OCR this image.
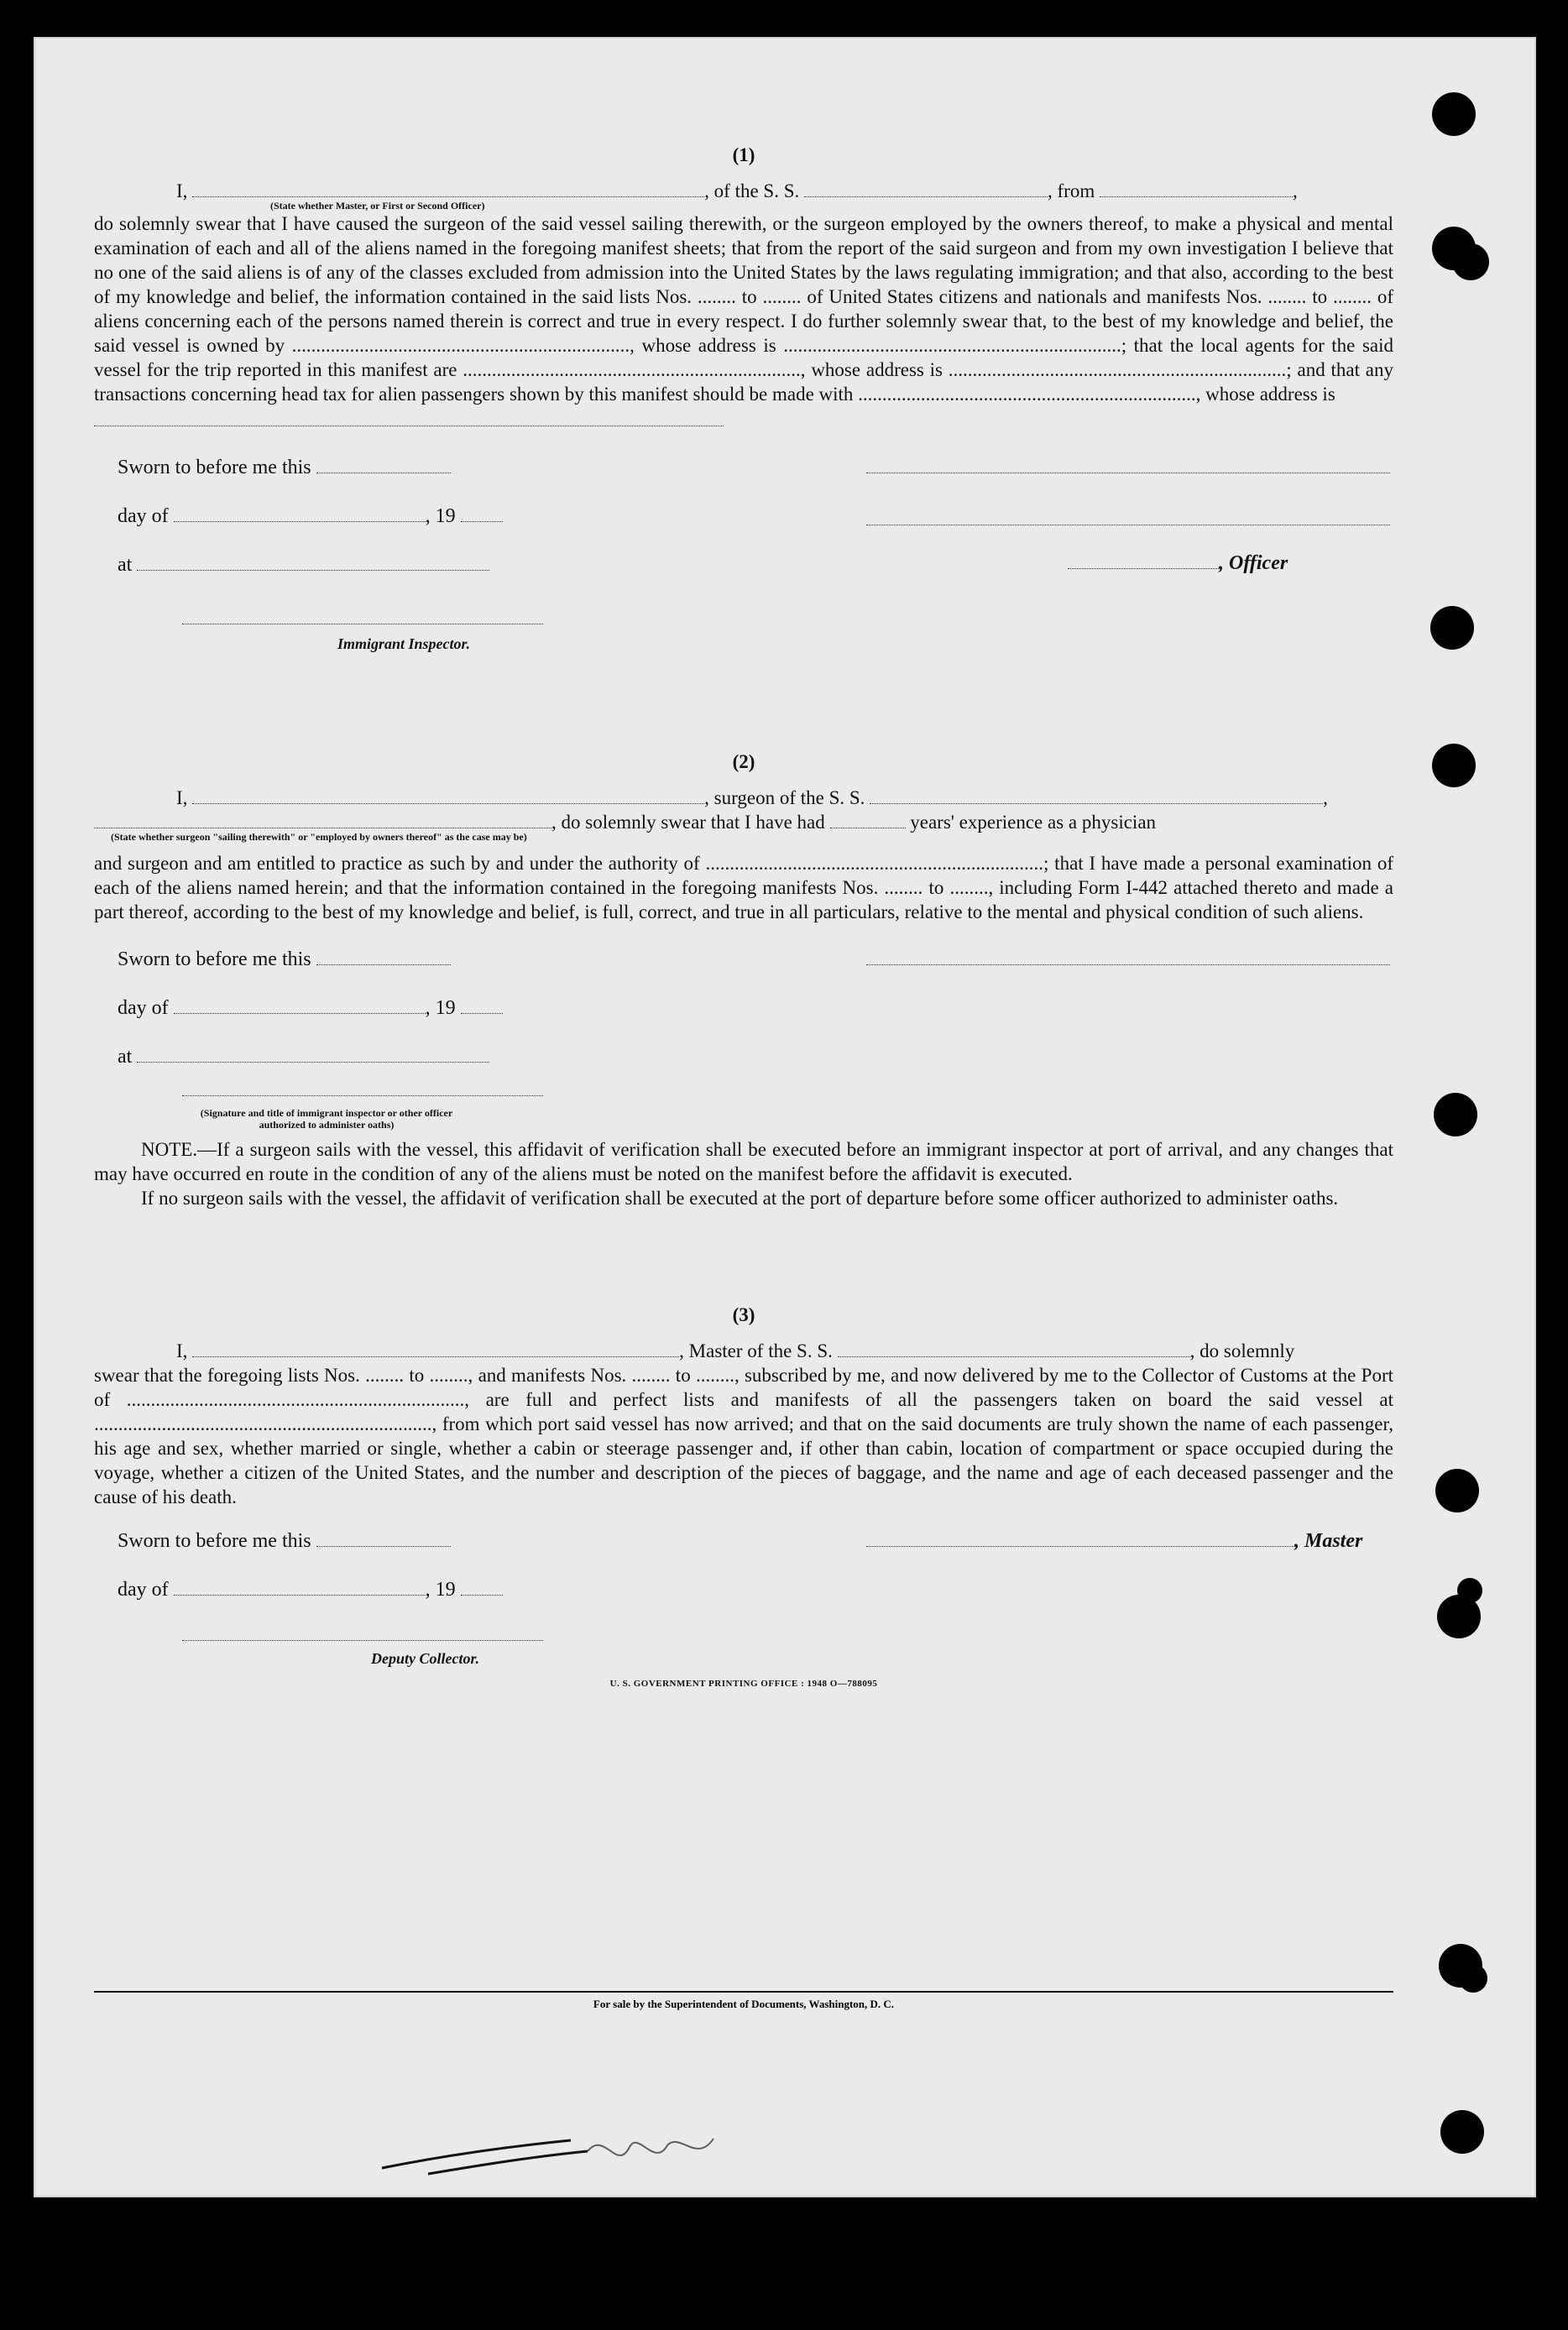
(1)
I,	, of the S. S.	, from	,
(State whether Master, or First or Second Officer)

do solemnly swear that I have caused the surgeon of the said vessel sailing therewith, or the surgeon employed by the owners thereof, to make a physical and mental examination of each and all of the aliens named in the foregoing manifest sheets; that from the report of the said surgeon and from my own investigation I believe that no one of the said aliens is of any of the classes excluded from admission into the United States by the laws regulating immigration; and that also, according to the best of my knowledge and belief, the information contained in the said lists Nos. ........ to ........ of United States citizens and nationals and manifests Nos. ........ to ........ of aliens concerning each of the persons named therein is correct and true in every respect. I do further solemnly swear that, to the best of my knowledge and belief, the said vessel is owned by ......................................................................, whose address is ......................................................................; that the local agents for the said vessel for the trip reported in this manifest are ......................................................................, whose address is ......................................................................; and that any transactions concerning head tax for alien passengers shown by this manifest should be made with ......................................................................, whose address is

Sworn to before me this
day of	, 19
at
Immigrant Inspector.
, Officer
(2)
I,	, surgeon of the S. S.	,
, do solemnly swear that I have had	years' experience as a physician
(State whether surgeon "sailing therewith" or "employed by owners thereof" as the case may be)

and surgeon and am entitled to practice as such by and under the authority of ......................................................................; that I have made a personal examination of each of the aliens named herein; and that the information contained in the foregoing manifests Nos. ........ to ........, including Form I-442 attached thereto and made a part thereof, according to the best of my knowledge and belief, is full, correct, and true in all particulars, relative to the mental and physical condition of such aliens.

Sworn to before me this
day of	, 19
at
(Signature and title of immigrant inspector or other officer authorized to administer oaths)

NOTE.—If a surgeon sails with the vessel, this affidavit of verification shall be executed before an immigrant inspector at port of arrival, and any changes that may have occurred en route in the condition of any of the aliens must be noted on the manifest before the affidavit is executed.

If no surgeon sails with the vessel, the affidavit of verification shall be executed at the port of departure before some officer authorized to administer oaths.

(3)
I,	, Master of the S. S.	, do solemnly

swear that the foregoing lists Nos. ........ to ........, and manifests Nos. ........ to ........, subscribed by me, and now delivered by me to the Collector of Customs at the Port of ......................................................................, are full and perfect lists and manifests of all the passengers taken on board the said vessel at ......................................................................, from which port said vessel has now arrived; and that on the said documents are truly shown the name of each passenger, his age and sex, whether married or single, whether a cabin or steerage passenger and, if other than cabin, location of compartment or space occupied during the voyage, whether a citizen of the United States, and the number and description of the pieces of baggage, and the name and age of each deceased passenger and the cause of his death.

Sworn to before me this
day of	, 19
, Master
Deputy Collector.
U. S. GOVERNMENT PRINTING OFFICE : 1948 O—788095
For sale by the Superintendent of Documents, Washington, D. C.
